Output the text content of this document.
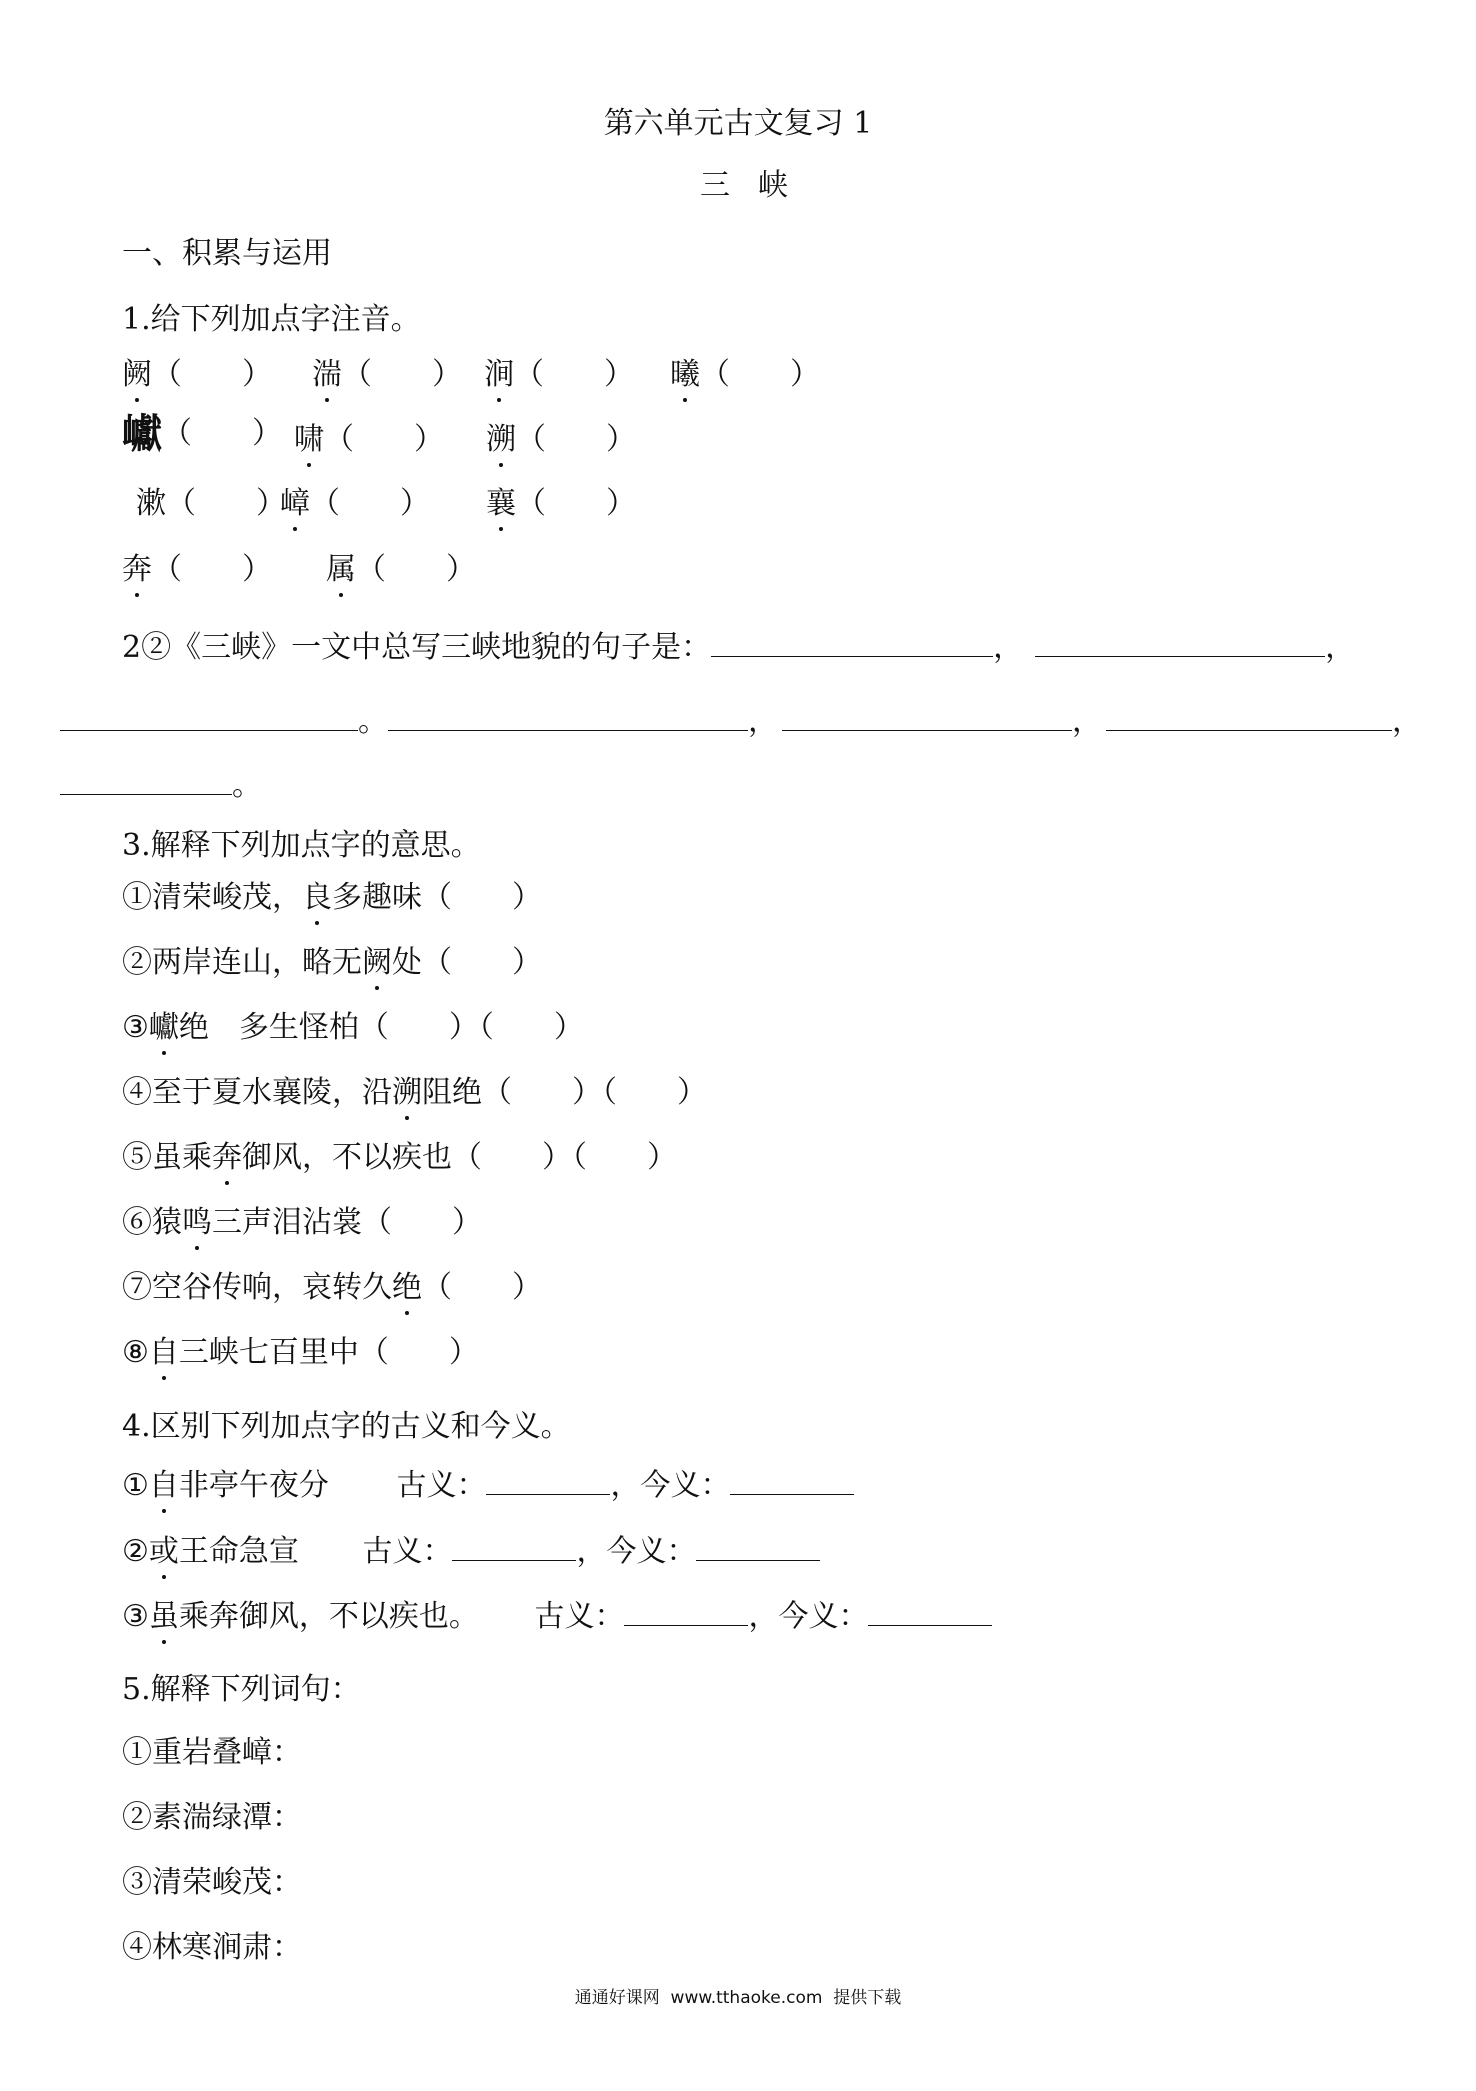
第六单元古文复习 1
三峡
一、积累与运用
1.给下列加点字注音。
阙（　　） 湍（　　） 涧（　　） 曦（　　）
巘（　　） 啸（　　） 溯（　　）
漱（　　）
嶂（　　） 襄（　　）
奔（　　） 属（　　）
2②《三峡》一文中总写三峡地貌的句子是：	，	，
。	，	，	，
。
3.解释下列加点字的意思。
①清荣峻茂，良多趣味（　　）
②两岸连山，略无阙处（　　）
③巘绝　多生怪柏（　　）（　　）
④至于夏水襄陵，沿溯阻绝（　　）（　　）
⑤虽乘奔御风，不以疾也（　　）（　　）
⑥猿鸣三声泪沾裳（　　）
⑦空谷传响，哀转久绝（　　）
⑧自三峡七百里中（　　）
4.区别下列加点字的古义和今义。
①自非亭午夜分 古义：	，今义：
②或王命急宣 古义：	，今义：
③虽乘奔御风，不以疾也。 古义：	，今义：
5.解释下列词句：
①重岩叠嶂：
②素湍绿潭：
③清荣峻茂：
④林寒涧肃：
通通好课网  www.tthaoke.com  提供下载
